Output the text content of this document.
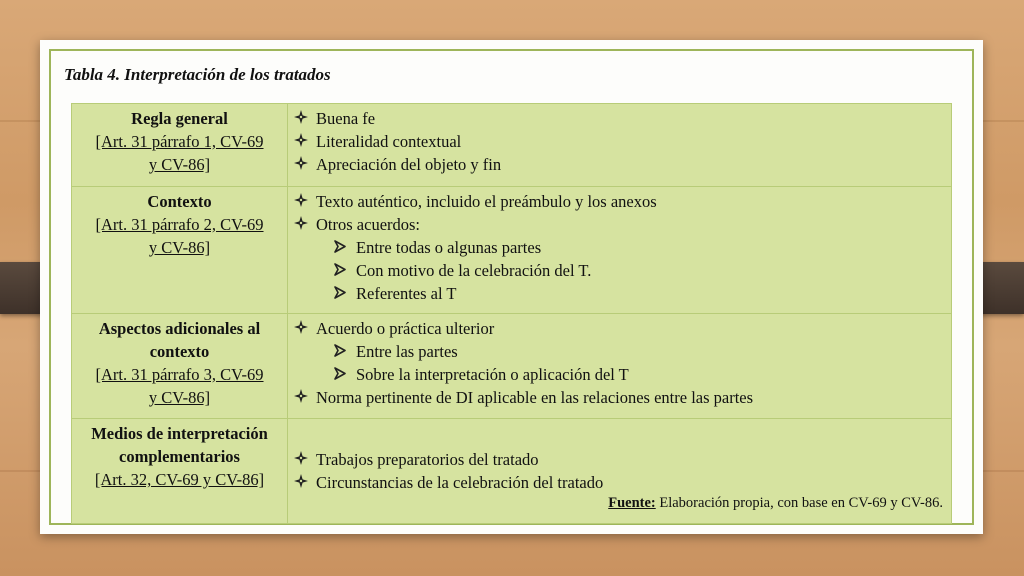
Tabla 4. Interpretación de los tratados
Regla general
[Art. 31 párrafo 1, CV-69
y CV-86]	Buena fe
Literalidad contextual
Apreciación del objeto y fin

Contexto
[Art. 31 párrafo 2, CV-69
y CV-86]	Texto auténtico, incluido el preámbulo y los anexos
Otros acuerdos:
Entre todas o algunas partes
Con motivo de la celebración del T.
Referentes al T

Aspectos adicionales al contexto
[Art. 31 párrafo 3, CV-69
y CV-86]	Acuerdo o práctica ulterior
Entre las partes
Sobre la interpretación o aplicación del T
Norma pertinente de DI aplicable en las relaciones entre las partes

Medios de interpretación complementarios
[Art. 32, CV-69 y CV-86]	Trabajos preparatorios del tratado
Circunstancias de la celebración del tratado
Fuente: Elaboración propia, con base en CV-69 y CV-86.
